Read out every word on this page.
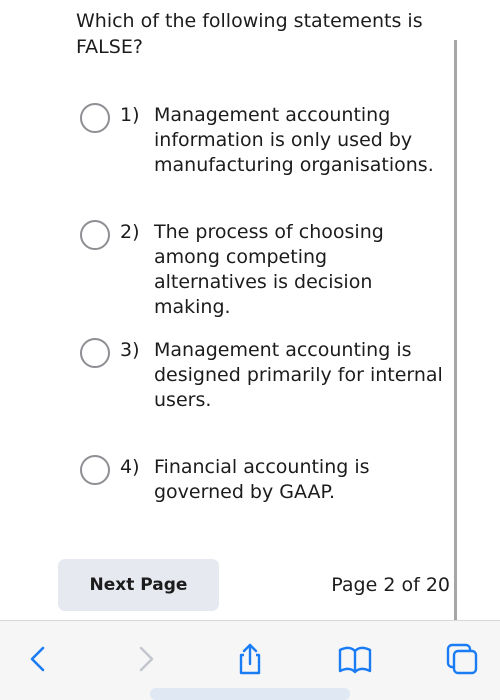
Which of the following statements is FALSE?
1) Management accounting information is only used by manufacturing organisations.
2) The process of choosing among competing alternatives is decision making.
3) Management accounting is designed primarily for internal users.
4) Financial accounting is governed by GAAP.
Next Page	Page 2 of 20
